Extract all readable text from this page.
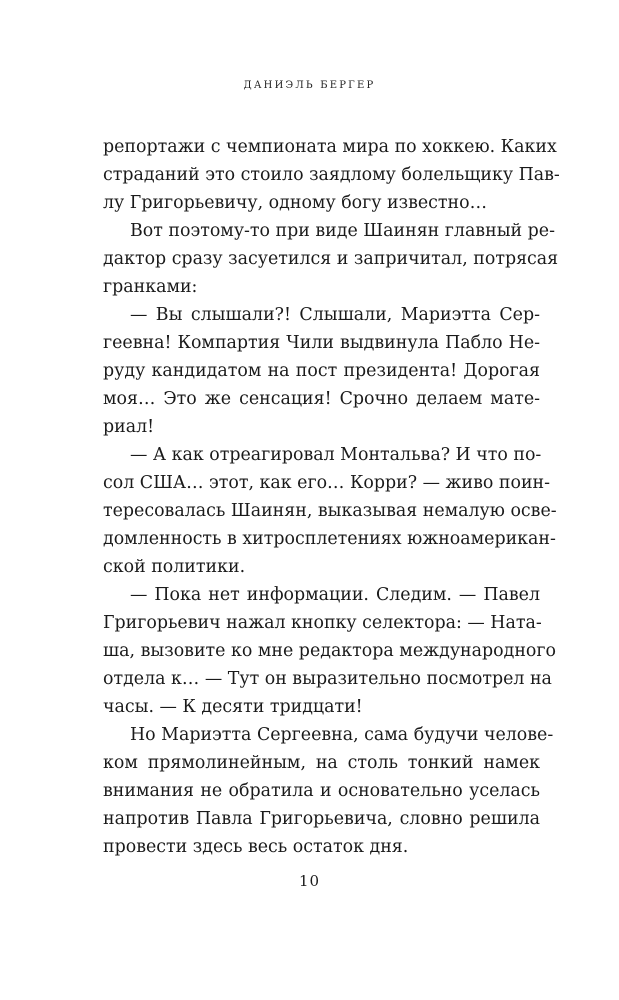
ДАНИЭЛЬ БЕРГЕР
репортажи с чемпионата мира по хоккею. Каких
страданий это стоило заядлому болельщику Пав-
лу Григорьевичу, одному богу известно…
Вот поэтому-то при виде Шаинян главный ре-
дактор сразу засуетился и запричитал, потрясая
гранками:
— Вы слышали?! Слышали, Мариэтта Сер-
геевна! Компартия Чили выдвинула Пабло Не-
руду кандидатом на пост президента! Дорогая
моя… Это же сенсация! Срочно делаем мате-
риал!
— А как отреагировал Монтальва? И что по-
сол США… этот, как его… Корри? — живо поин-
тересовалась Шаинян, выказывая немалую осве-
домленность в хитросплетениях южноамерикан-
ской политики.
— Пока нет информации. Следим. — Павел
Григорьевич нажал кнопку селектора: — Ната-
ша, вызовите ко мне редактора международного
отдела к… — Тут он выразительно посмотрел на
часы. — К десяти тридцати!
Но Мариэтта Сергеевна, сама будучи челове-
ком прямолинейным, на столь тонкий намек
внимания не обратила и основательно уселась
напротив Павла Григорьевича, словно решила
провести здесь весь остаток дня.
10
